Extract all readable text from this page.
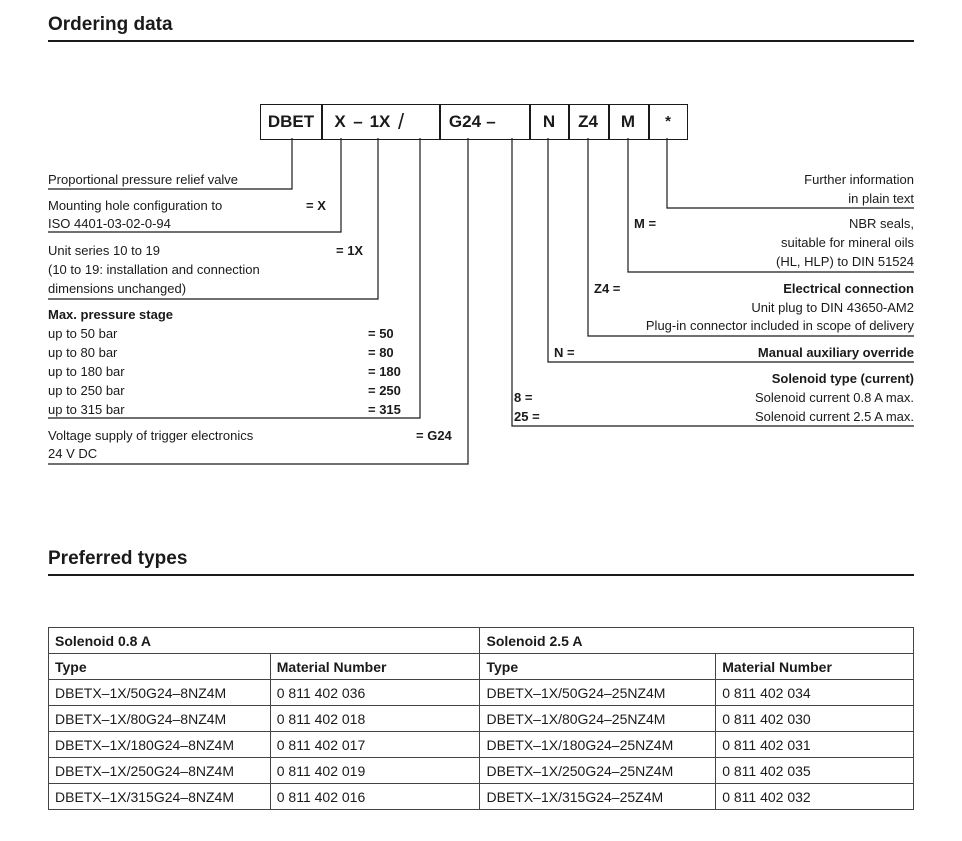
Ordering data
DBET	X – 1X /	G24 –	N	Z4	M	*
Proportional pressure relief valve
Mounting hole configuration to
ISO 4401-03-02-0-94
= X
Unit series 10 to 19
(10 to 19: installation and connection
dimensions unchanged)
= 1X
Max. pressure stage
up to 50 bar	= 50
up to 80 bar	= 80
up to 180 bar	= 180
up to 250 bar	= 250
up to 315 bar	= 315
Voltage supply of trigger electronics
24 V DC
= G24
Further information
in plain text
M =	NBR seals,
suitable for mineral oils
(HL, HLP) to DIN 51524
Z4 =	Electrical connection
Unit plug to DIN 43650-AM2
Plug-in connector included in scope of delivery
N =	Manual auxiliary override
Solenoid type (current)
8 =	Solenoid current 0.8 A max.
25 =	Solenoid current 2.5 A max.
Preferred types
Solenoid 0.8 A		Solenoid 2.5 A	
Type	Material Number	Type	Material Number
DBETX–1X/50G24–8NZ4M	0 811 402 036	DBETX–1X/50G24–25NZ4M	0 811 402 034
DBETX–1X/80G24–8NZ4M	0 811 402 018	DBETX–1X/80G24–25NZ4M	0 811 402 030
DBETX–1X/180G24–8NZ4M	0 811 402 017	DBETX–1X/180G24–25NZ4M	0 811 402 031
DBETX–1X/250G24–8NZ4M	0 811 402 019	DBETX–1X/250G24–25NZ4M	0 811 402 035
DBETX–1X/315G24–8NZ4M	0 811 402 016	DBETX–1X/315G24–25Z4M	0 811 402 032
